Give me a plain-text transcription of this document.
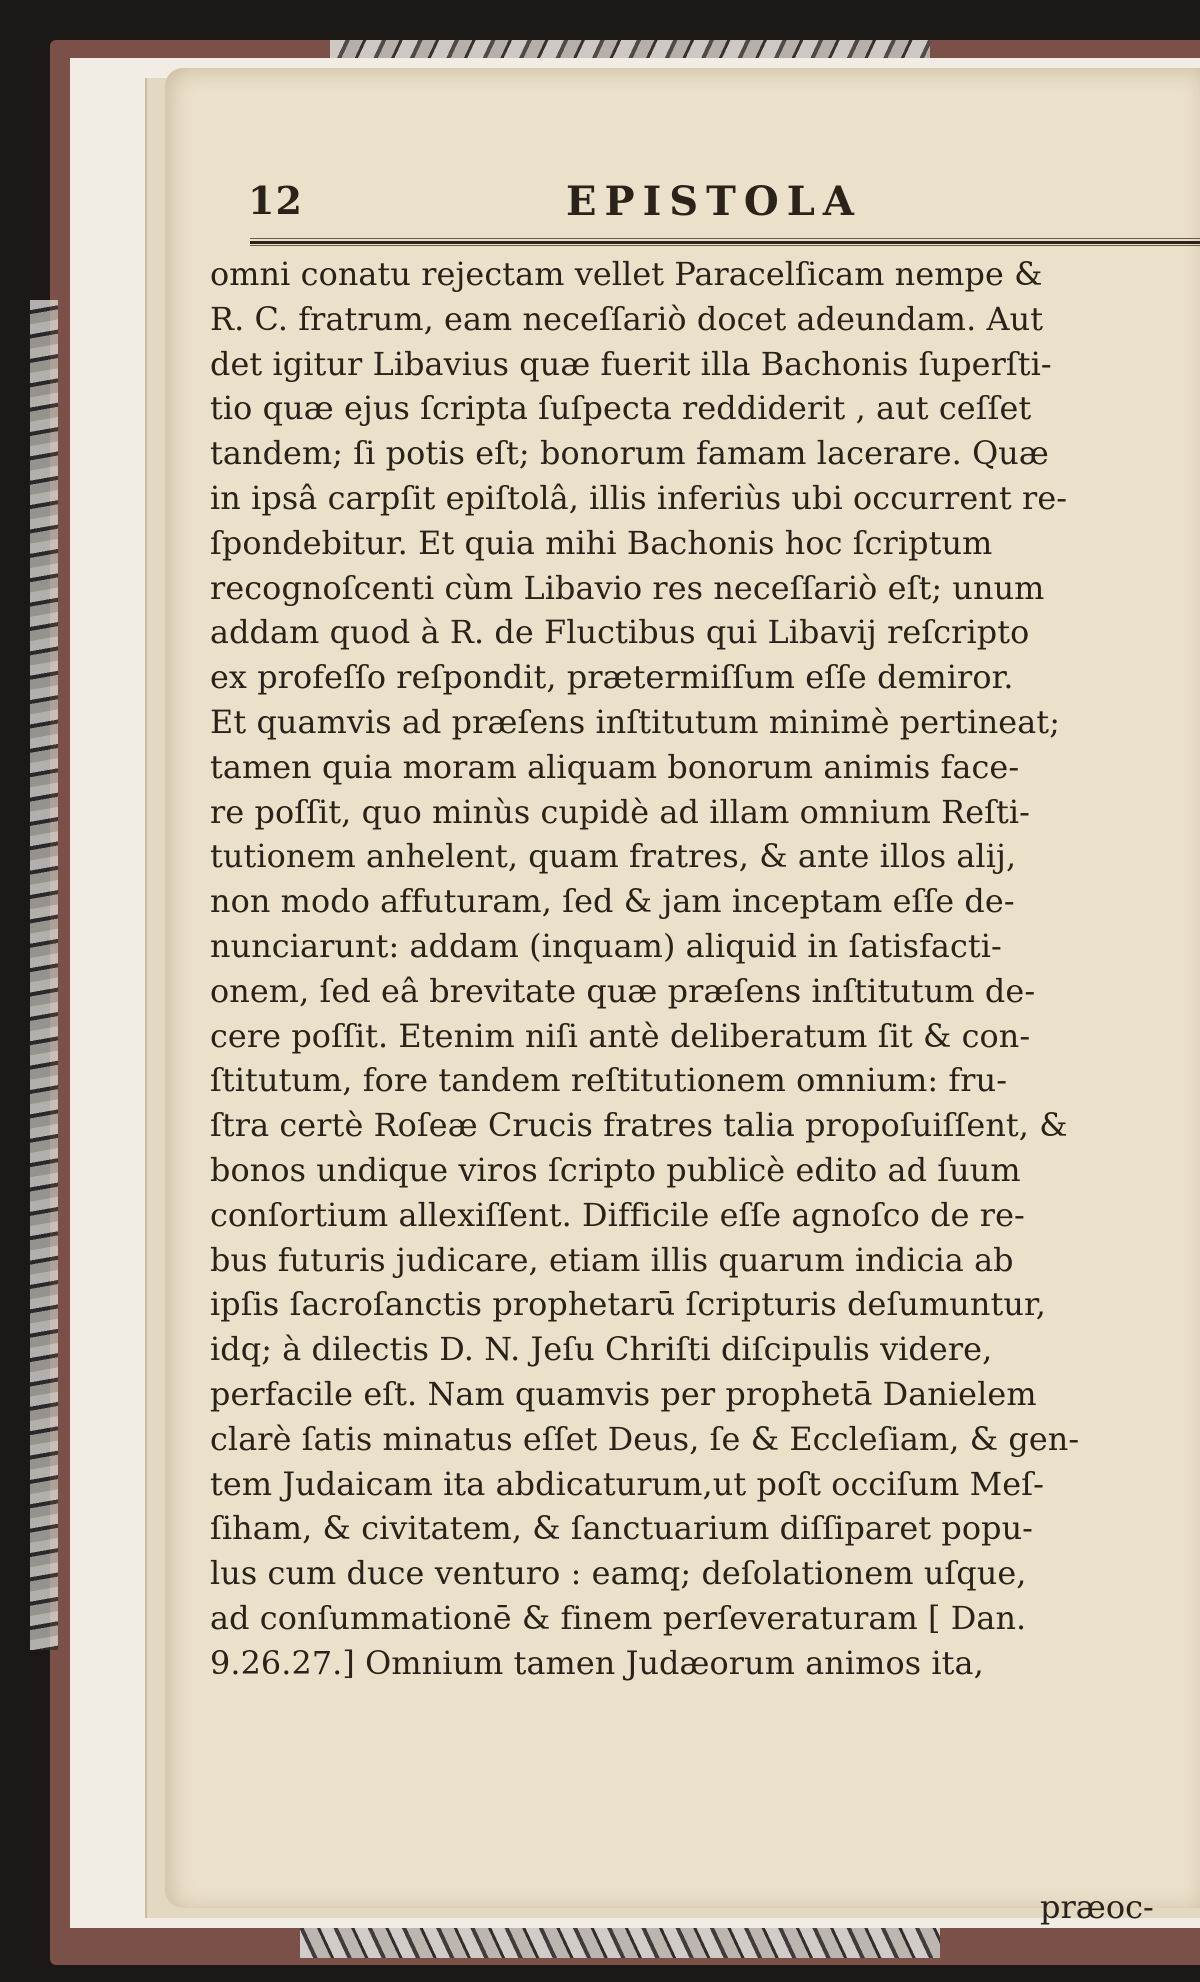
12	EPISTOLA
omni conatu rejectam vellet Paracelſicam nempe &
R. C. fratrum, eam neceſſariò docet adeundam. Aut
det igitur Libavius quæ fuerit illa Bachonis ſuperſti-
tio quæ ejus ſcripta ſuſpecta reddiderit , aut ceſſet
tandem; ſi potis eſt; bonorum famam lacerare. Quæ
in ipsâ carpſit epiſtolâ, illis inferiùs ubi occurrent re-
ſpondebitur. Et quia mihi Bachonis hoc ſcriptum
recognoſcenti cùm Libavio res neceſſariò eſt; unum
addam quod à R. de Fluctibus qui Libavij reſcripto
ex profeſſo reſpondit, prætermiſſum eſſe demiror.
Et quamvis ad præſens inſtitutum minimè pertineat;
tamen quia moram aliquam bonorum animis face-
re poſſit, quo minùs cupidè ad illam omnium Reſti-
tutionem anhelent, quam fratres, & ante illos alij,
non modo affuturam, ſed & jam inceptam eſſe de-
nunciarunt: addam (inquam) aliquid in ſatisfacti-
onem, ſed eâ brevitate quæ præſens inſtitutum de-
cere poſſit. Etenim niſi antè deliberatum ſit & con-
ſtitutum, fore tandem reſtitutionem omnium: fru-
ſtra certè Roſeæ Crucis fratres talia propoſuiſſent, &
bonos undique viros ſcripto publicè edito ad ſuum
conſortium allexiſſent. Difficile eſſe agnoſco de re-
bus futuris judicare, etiam illis quarum indicia ab
ipſis ſacroſanctis prophetarū ſcripturis deſumuntur,
idq; à dilectis D. N. Jeſu Chriſti diſcipulis videre,
perfacile eſt. Nam quamvis per prophetā Danielem
clarè ſatis minatus eſſet Deus, ſe & Eccleſiam, & gen-
tem Judaicam ita abdicaturum,ut poſt occiſum Meſ-
ſiham, & civitatem, & ſanctuarium diſſiparet popu-
lus cum duce venturo : eamq; deſolationem uſque,
ad conſummationē & finem perſeveraturam [ Dan.
9.26.27.] Omnium tamen Judæorum animos ita,
præoc-
